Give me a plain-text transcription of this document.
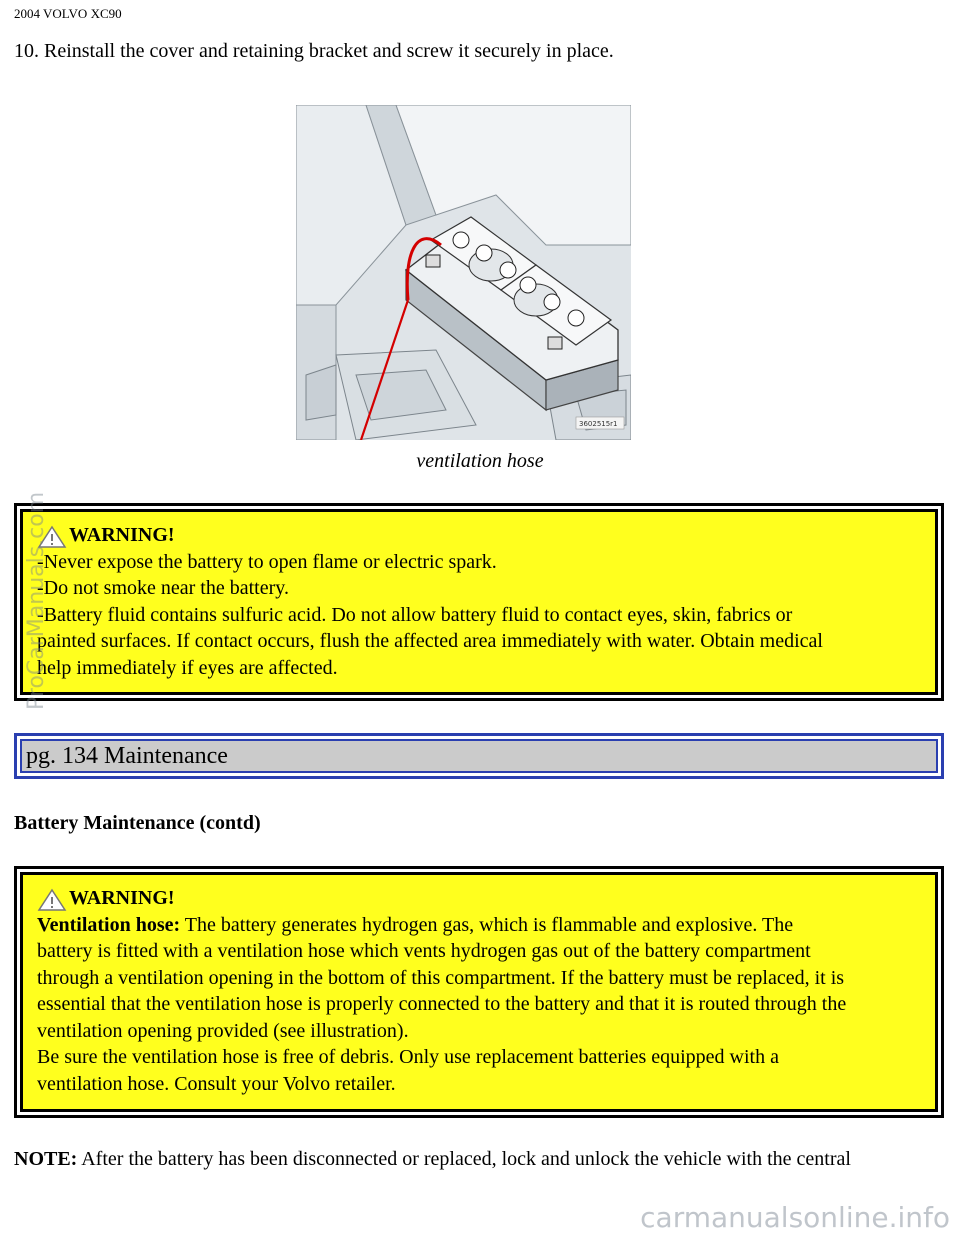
2004 VOLVO XC90
10. Reinstall the cover and retaining bracket and screw it securely in place.
3602515r1
ventilation hose
WARNING!
-Never expose the battery to open flame or electric spark.
-Do not smoke near the battery.
-Battery fluid contains sulfuric acid. Do not allow battery fluid to contact eyes, skin, fabrics or
painted surfaces. If contact occurs, flush the affected area immediately with water. Obtain medical
help immediately if eyes are affected.
pg. 134 Maintenance
Battery Maintenance (contd)
WARNING!
Ventilation hose: The battery generates hydrogen gas, which is flammable and explosive. The
battery is fitted with a ventilation hose which vents hydrogen gas out of the battery compartment
through a ventilation opening in the bottom of this compartment. If the battery must be replaced, it is
essential that the ventilation hose is properly connected to the battery and that it is routed through the
ventilation opening provided (see illustration).
Be sure the ventilation hose is free of debris. Only use replacement batteries equipped with a
ventilation hose. Consult your Volvo retailer.
NOTE: After the battery has been disconnected or replaced, lock and unlock the vehicle with the central
ProCarManuals.com
carmanualsonline.info
